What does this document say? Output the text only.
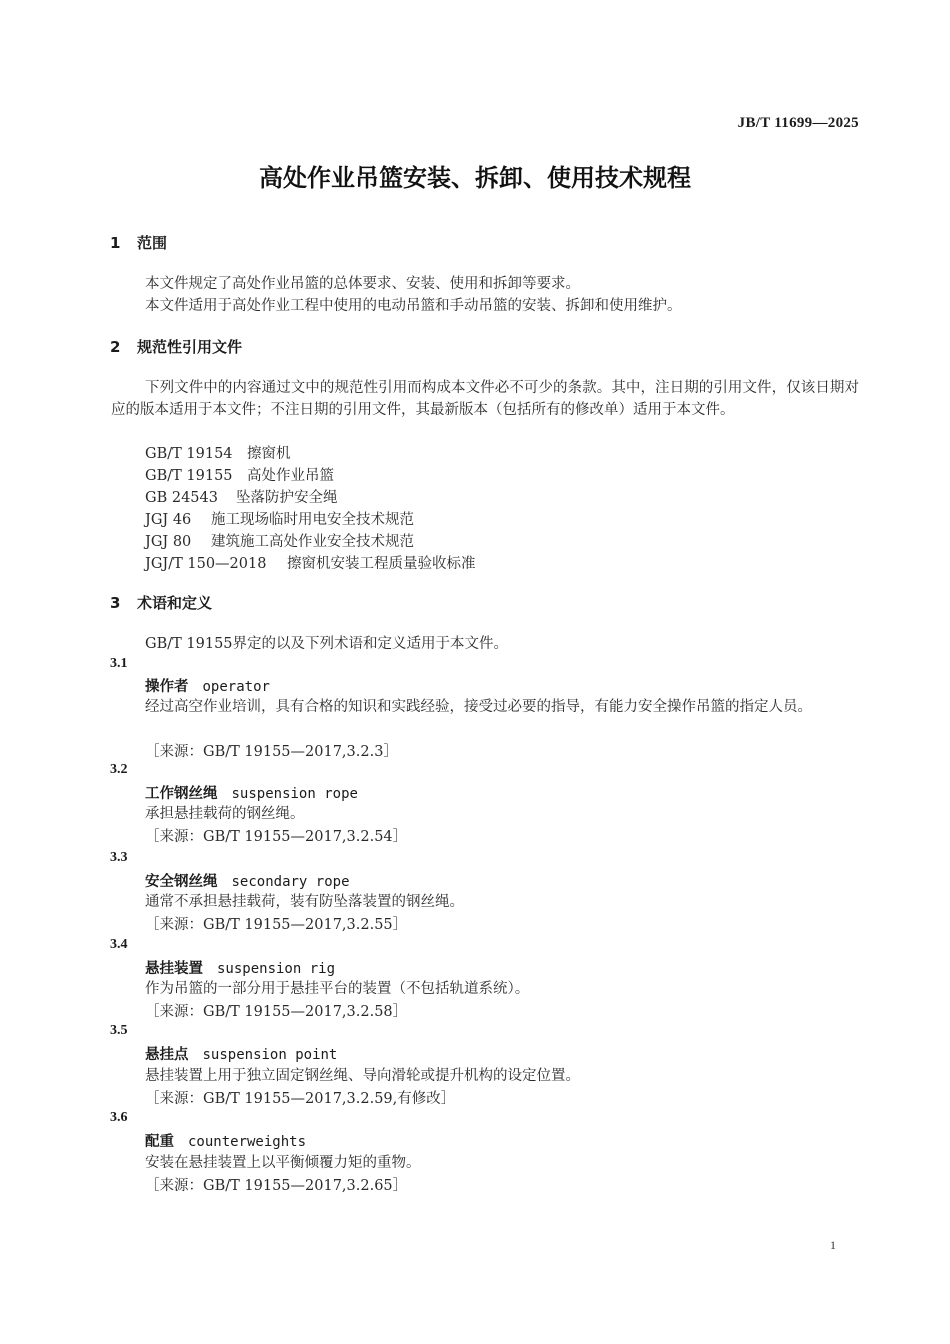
JB/T 11699—2025
高处作业吊篮安装、拆卸、使用技术规程
1 范围
本文件规定了高处作业吊篮的总体要求、安装、使用和拆卸等要求。
本文件适用于高处作业工程中使用的电动吊篮和手动吊篮的安装、拆卸和使用维护。
2 规范性引用文件
下列文件中的内容通过文中的规范性引用而构成本文件必不可少的条款。其中，注日期的引用文件，仅该日期对应的版本适用于本文件；不注日期的引用文件，其最新版本（包括所有的修改单）适用于本文件。
GB/T 19154 擦窗机
GB/T 19155 高处作业吊篮
GB 24543 坠落防护安全绳
JGJ 46 施工现场临时用电安全技术规范
JGJ 80 建筑施工高处作业安全技术规范
JGJ/T 150—2018 擦窗机安装工程质量验收标准
3 术语和定义
GB/T 19155界定的以及下列术语和定义适用于本文件。
3.1
操作者 operator
经过高空作业培训，具有合格的知识和实践经验，接受过必要的指导，有能力安全操作吊篮的指定人员。
［来源：GB/T 19155—2017,3.2.3］
3.2
工作钢丝绳 suspension rope
承担悬挂载荷的钢丝绳。
［来源：GB/T 19155—2017,3.2.54］
3.3
安全钢丝绳 secondary rope
通常不承担悬挂载荷，装有防坠落装置的钢丝绳。
［来源：GB/T 19155—2017,3.2.55］
3.4
悬挂装置 suspension rig
作为吊篮的一部分用于悬挂平台的装置（不包括轨道系统）。
［来源：GB/T 19155—2017,3.2.58］
3.5
悬挂点 suspension point
悬挂装置上用于独立固定钢丝绳、导向滑轮或提升机构的设定位置。
［来源：GB/T 19155—2017,3.2.59,有修改］
3.6
配重 counterweights
安装在悬挂装置上以平衡倾覆力矩的重物。
［来源：GB/T 19155—2017,3.2.65］
1
